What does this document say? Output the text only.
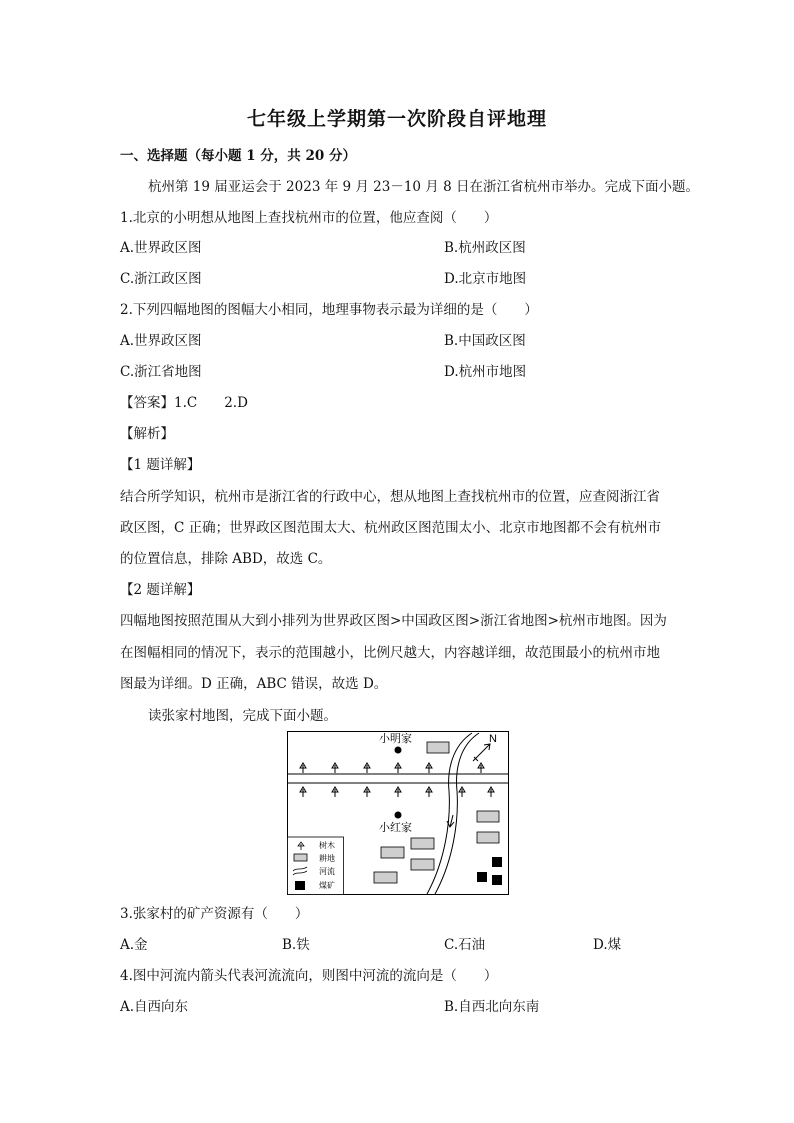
七年级上学期第一次阶段自评地理
一、选择题（每小题 1 分，共 20 分）
杭州第 19 届亚运会于 2023 年 9 月 23－10 月 8 日在浙江省杭州市举办。完成下面小题。
1.北京的小明想从地图上查找杭州市的位置，他应查阅（　　）
A.世界政区图	B.杭州政区图
C.浙江政区图	D.北京市地图
2.下列四幅地图的图幅大小相同，地理事物表示最为详细的是（　　）
A.世界政区图	B.中国政区图
C.浙江省地图	D.杭州市地图
【答案】1.C　　2.D
【解析】
【1 题详解】
结合所学知识，杭州市是浙江省的行政中心，想从地图上查找杭州市的位置，应查阅浙江省
政区图，C 正确；世界政区图范围太大、杭州政区图范围太小、北京市地图都不会有杭州市
的位置信息，排除 ABD，故选 C。
【2 题详解】
四幅地图按照范围从大到小排列为世界政区图>中国政区图>浙江省地图>杭州市地图。因为
在图幅相同的情况下，表示的范围越小，比例尺越大，内容越详细，故范围最小的杭州市地
图最为详细。D 正确，ABC 错误，故选 D。
读张家村地图，完成下面小题。
N
小明家
小红家
树木
耕地
河流
煤矿
3.张家村的矿产资源有（　　）
A.金	B.铁	C.石油	D.煤
4.图中河流内箭头代表河流流向，则图中河流的流向是（　　）
A.自西向东	B.自西北向东南
